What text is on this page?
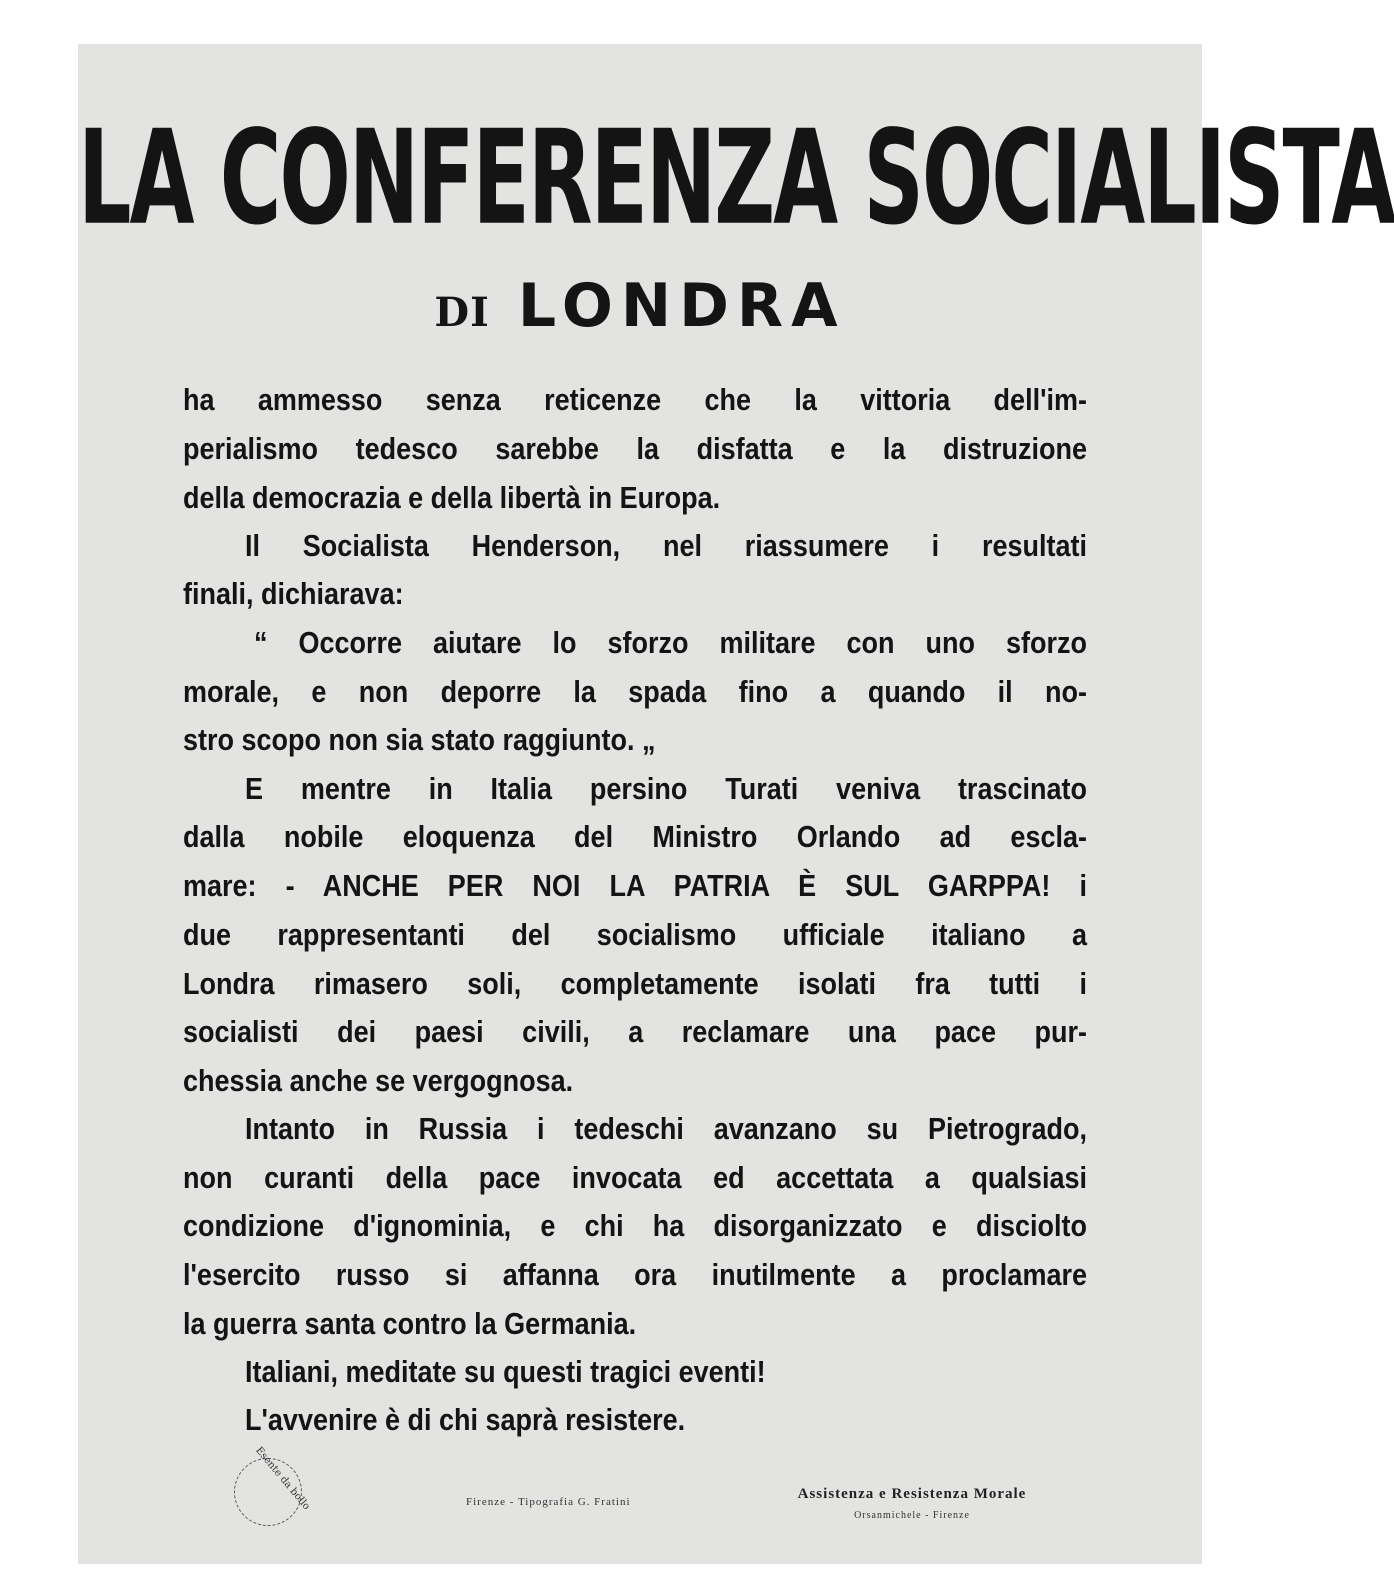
LA CONFERENZA SOCIALISTA
DI LONDRA
ha ammesso senza reticenze che la vittoria dell'im-
perialismo tedesco sarebbe la disfatta e la distruzione
della democrazia e della libertà in Europa.
Il Socialista Henderson, nel riassumere i resultati
finali, dichiarava:
“ Occorre aiutare lo sforzo militare con uno sforzo
morale, e non deporre la spada fino a quando il no-
stro scopo non sia stato raggiunto. „
E mentre in Italia persino Turati veniva trascinato
dalla nobile eloquenza del Ministro Orlando ad escla-
mare: - ANCHE PER NOI LA PATRIA È SUL GARPPA! i
due rappresentanti del socialismo ufficiale italiano a
Londra rimasero soli, completamente isolati fra tutti i
socialisti dei paesi civili, a reclamare una pace pur-
chessia anche se vergognosa.
Intanto in Russia i tedeschi avanzano su Pietrogrado,
non curanti della pace invocata ed accettata a qualsiasi
condizione d'ignominia, e chi ha disorganizzato e disciolto
l'esercito russo si affanna ora inutilmente a proclamare
la guerra santa contro la Germania.
Italiani, meditate su questi tragici eventi!
L'avvenire è di chi saprà resistere.
Esente da bollo	Firenze - Tipografia G. Fratini	Assistenza e Resistenza Morale
Orsanmichele - Firenze
